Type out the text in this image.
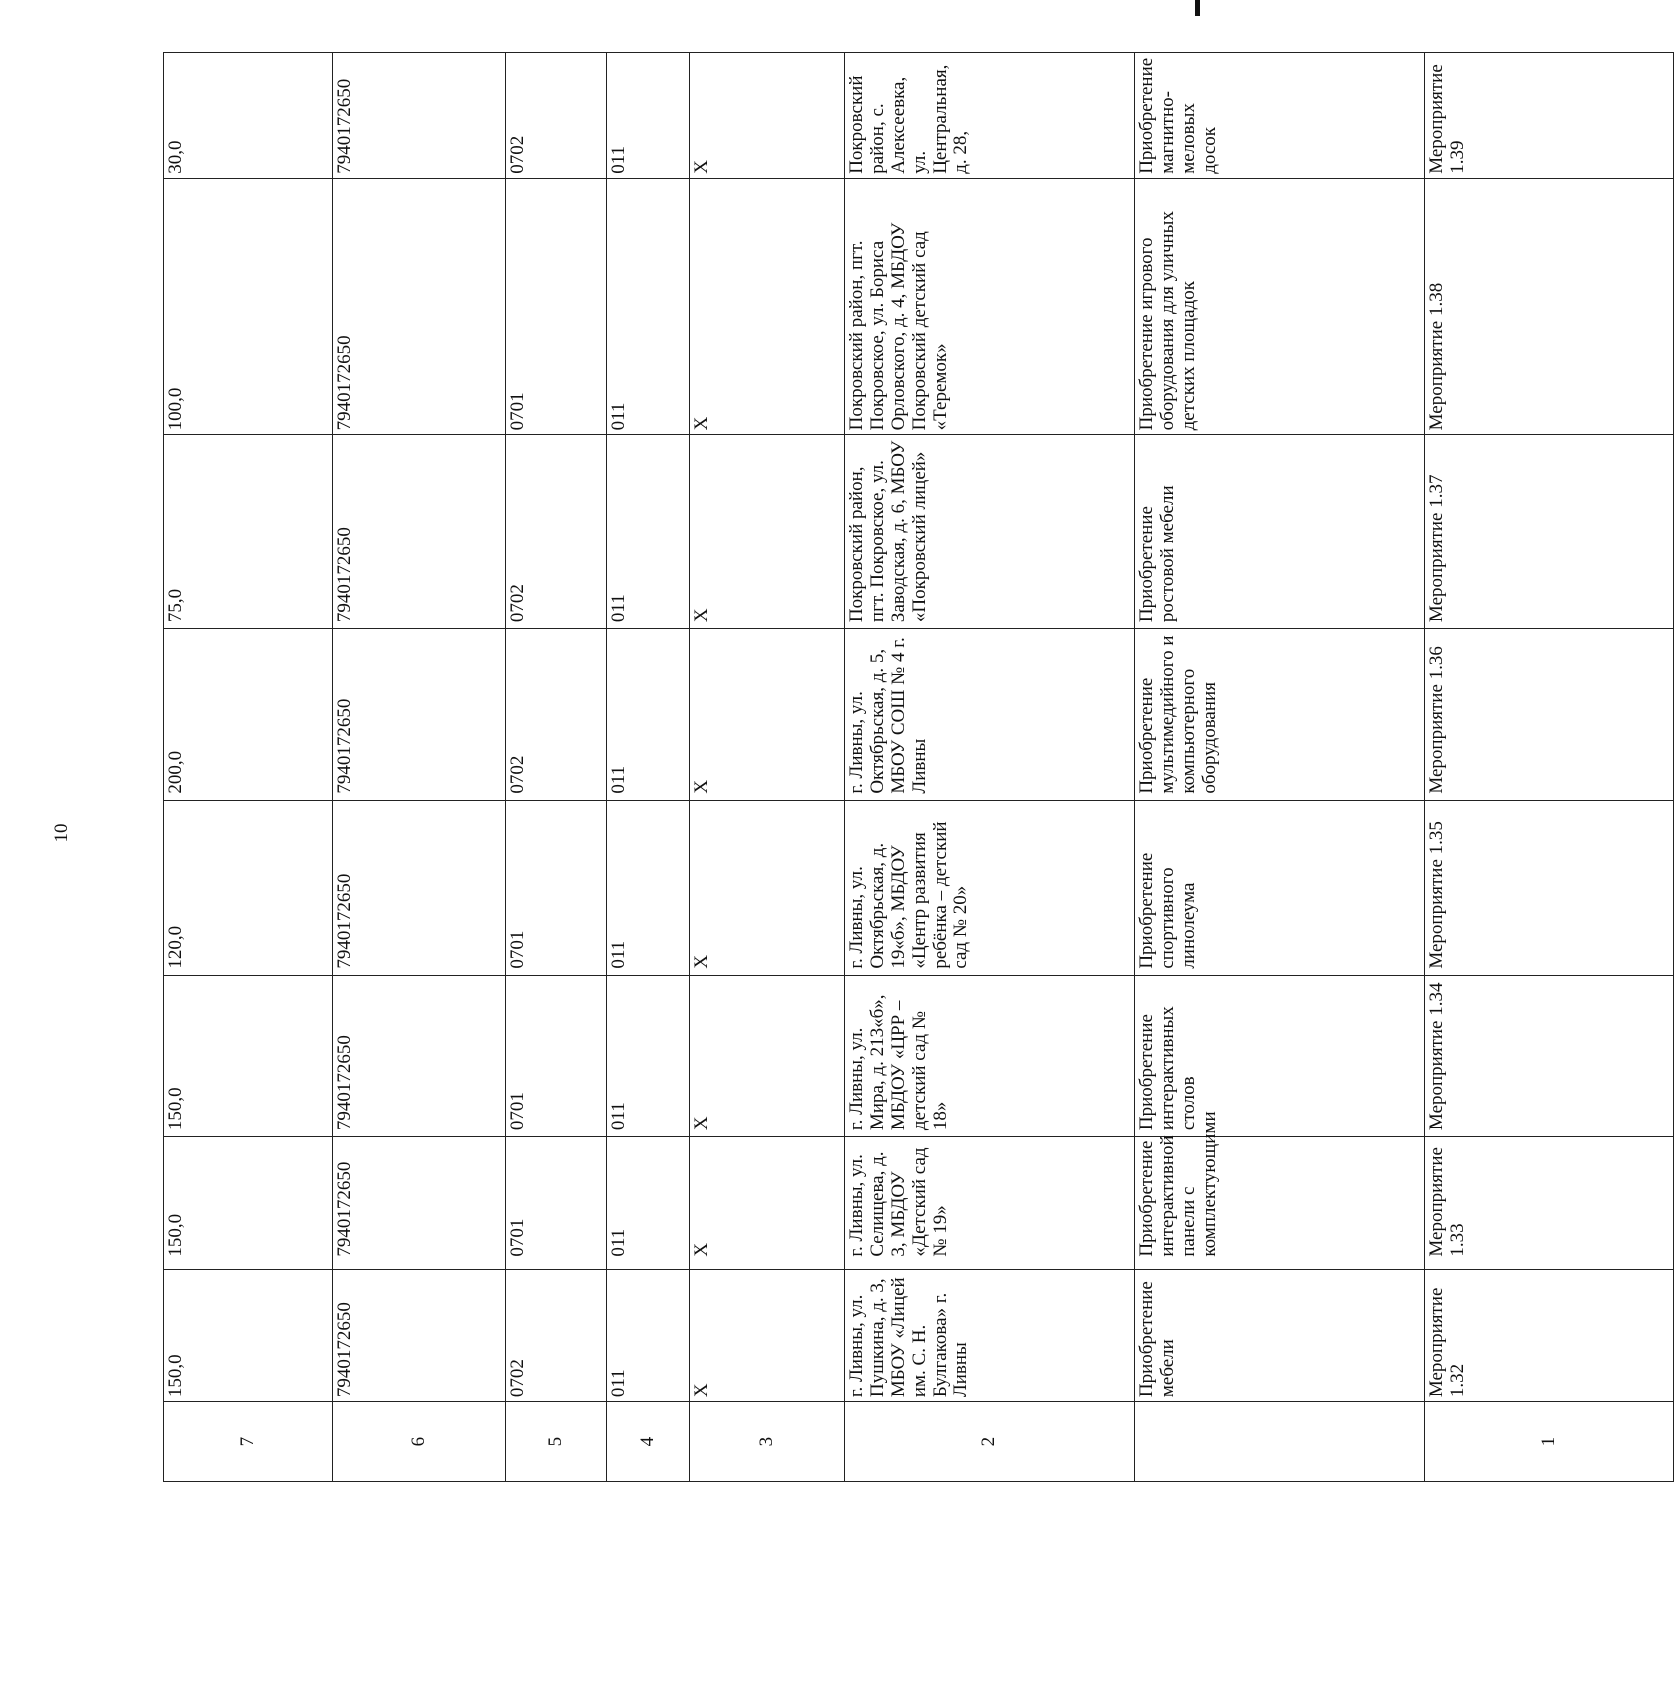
10
7	150,0	150,0	150,0	120,0	200,0	75,0	100,0	30,0
6	7940172650	7940172650	7940172650	7940172650	7940172650	7940172650	7940172650	7940172650
5	0702	0701	0701	0701	0702	0702	0701	0702
4	011	011	011	011	011	011	011	011
3	X	X	X	X	X	X	X	X
2	г. Ливны, ул. Пушкина, д. 3, МБОУ «Лицей им. С. Н. Булгакова» г. Ливны	г. Ливны, ул. Селищева, д. 3, МБДОУ «Детский сад № 19»	г. Ливны, ул. Мира, д. 213«б», МБДОУ «ЦРР – детский сад № 18»	г. Ливны, ул. Октябрьская, д. 19«б», МБДОУ «Центр развития ребёнка – детский сад № 20»	г. Ливны, ул. Октябрьская, д. 5, МБОУ СОШ № 4 г. Ливны	Покровский район, пгт. Покровское, ул. Заводская, д. 6, МБОУ «Покровский лицей»	Покровский район, пгт. Покровское, ул. Бориса Орловского, д. 4, МБДОУ Покровский детский сад «Теремок»	Покровский район, с. Алексеевка, ул. Центральная, д. 28,
	Приобретение мебели	Приобретение интерактивной панели с комплектующими	Приобретение интерактивных столов	Приобретение спортивного линолеума	Приобретение мультимедийного и компьютерного оборудования	Приобретение ростовой мебели	Приобретение игрового оборудования для уличных детских площадок	Приобретение магнитно-меловых досок
1	Мероприятие 1.32	Мероприятие 1.33	Мероприятие 1.34	Мероприятие 1.35	Мероприятие 1.36	Мероприятие 1.37	Мероприятие 1.38	Мероприятие 1.39
